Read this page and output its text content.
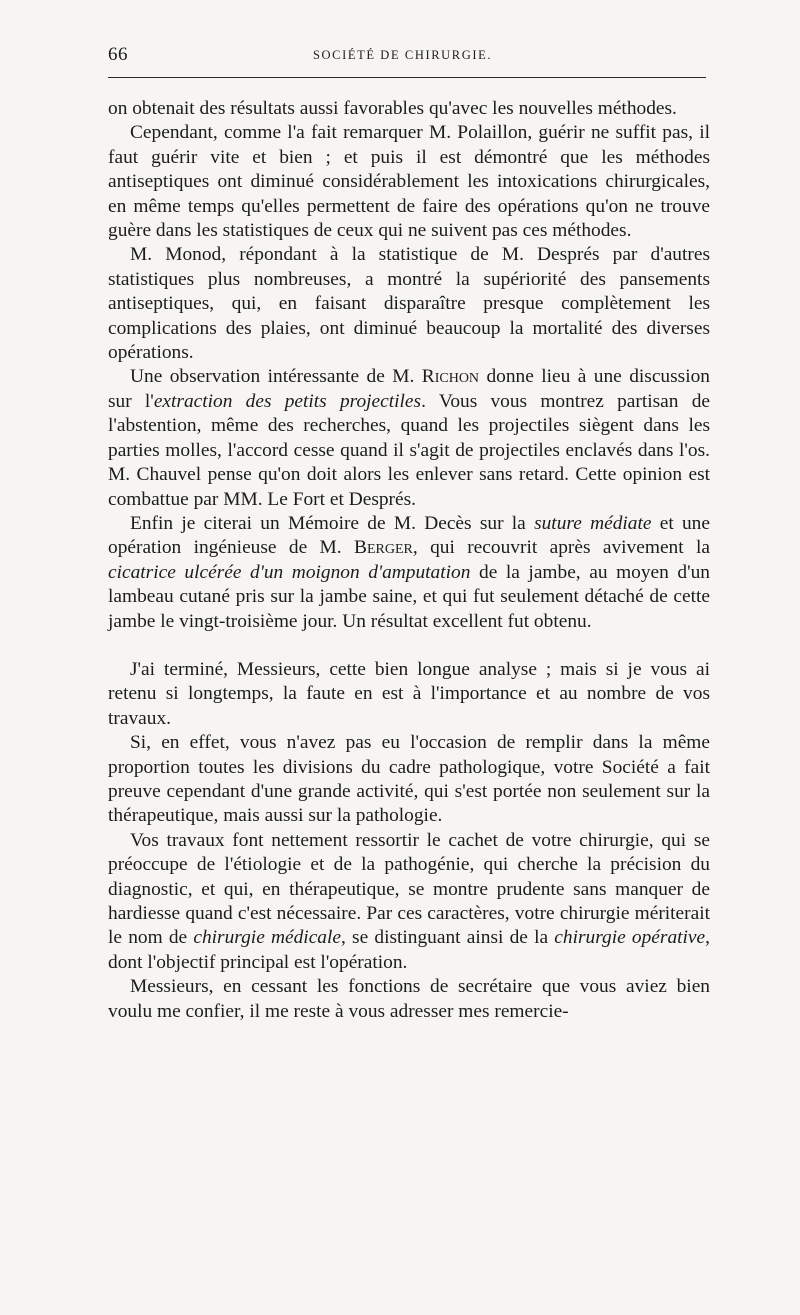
66	SOCIÉTÉ DE CHIRURGIE.

on obtenait des résultats aussi favorables qu'avec les nouvelles méthodes.

Cependant, comme l'a fait remarquer M. Polaillon, guérir ne suffit pas, il faut guérir vite et bien ; et puis il est démontré que les méthodes antiseptiques ont diminué considérablement les intoxications chirurgicales, en même temps qu'elles permettent de faire des opérations qu'on ne trouve guère dans les statistiques de ceux qui ne suivent pas ces méthodes.

M. Monod, répondant à la statistique de M. Després par d'autres statistiques plus nombreuses, a montré la supériorité des pansements antiseptiques, qui, en faisant disparaître presque complètement les complications des plaies, ont diminué beaucoup la mortalité des diverses opérations.

Une observation intéressante de M. Richon donne lieu à une discussion sur l'extraction des petits projectiles. Vous vous montrez partisan de l'abstention, même des recherches, quand les projectiles siègent dans les parties molles, l'accord cesse quand il s'agit de projectiles enclavés dans l'os. M. Chauvel pense qu'on doit alors les enlever sans retard. Cette opinion est combattue par MM. Le Fort et Després.

Enfin je citerai un Mémoire de M. Decès sur la suture médiate et une opération ingénieuse de M. Berger, qui recouvrit après avivement la cicatrice ulcérée d'un moignon d'amputation de la jambe, au moyen d'un lambeau cutané pris sur la jambe saine, et qui fut seulement détaché de cette jambe le vingt-troisième jour. Un résultat excellent fut obtenu.

J'ai terminé, Messieurs, cette bien longue analyse ; mais si je vous ai retenu si longtemps, la faute en est à l'importance et au nombre de vos travaux.

Si, en effet, vous n'avez pas eu l'occasion de remplir dans la même proportion toutes les divisions du cadre pathologique, votre Société a fait preuve cependant d'une grande activité, qui s'est portée non seulement sur la thérapeutique, mais aussi sur la pathologie.

Vos travaux font nettement ressortir le cachet de votre chirurgie, qui se préoccupe de l'étiologie et de la pathogénie, qui cherche la précision du diagnostic, et qui, en thérapeutique, se montre prudente sans manquer de hardiesse quand c'est nécessaire. Par ces caractères, votre chirurgie mériterait le nom de chirurgie médicale, se distinguant ainsi de la chirurgie opérative, dont l'objectif principal est l'opération.

Messieurs, en cessant les fonctions de secrétaire que vous aviez bien voulu me confier, il me reste à vous adresser mes remercie-
